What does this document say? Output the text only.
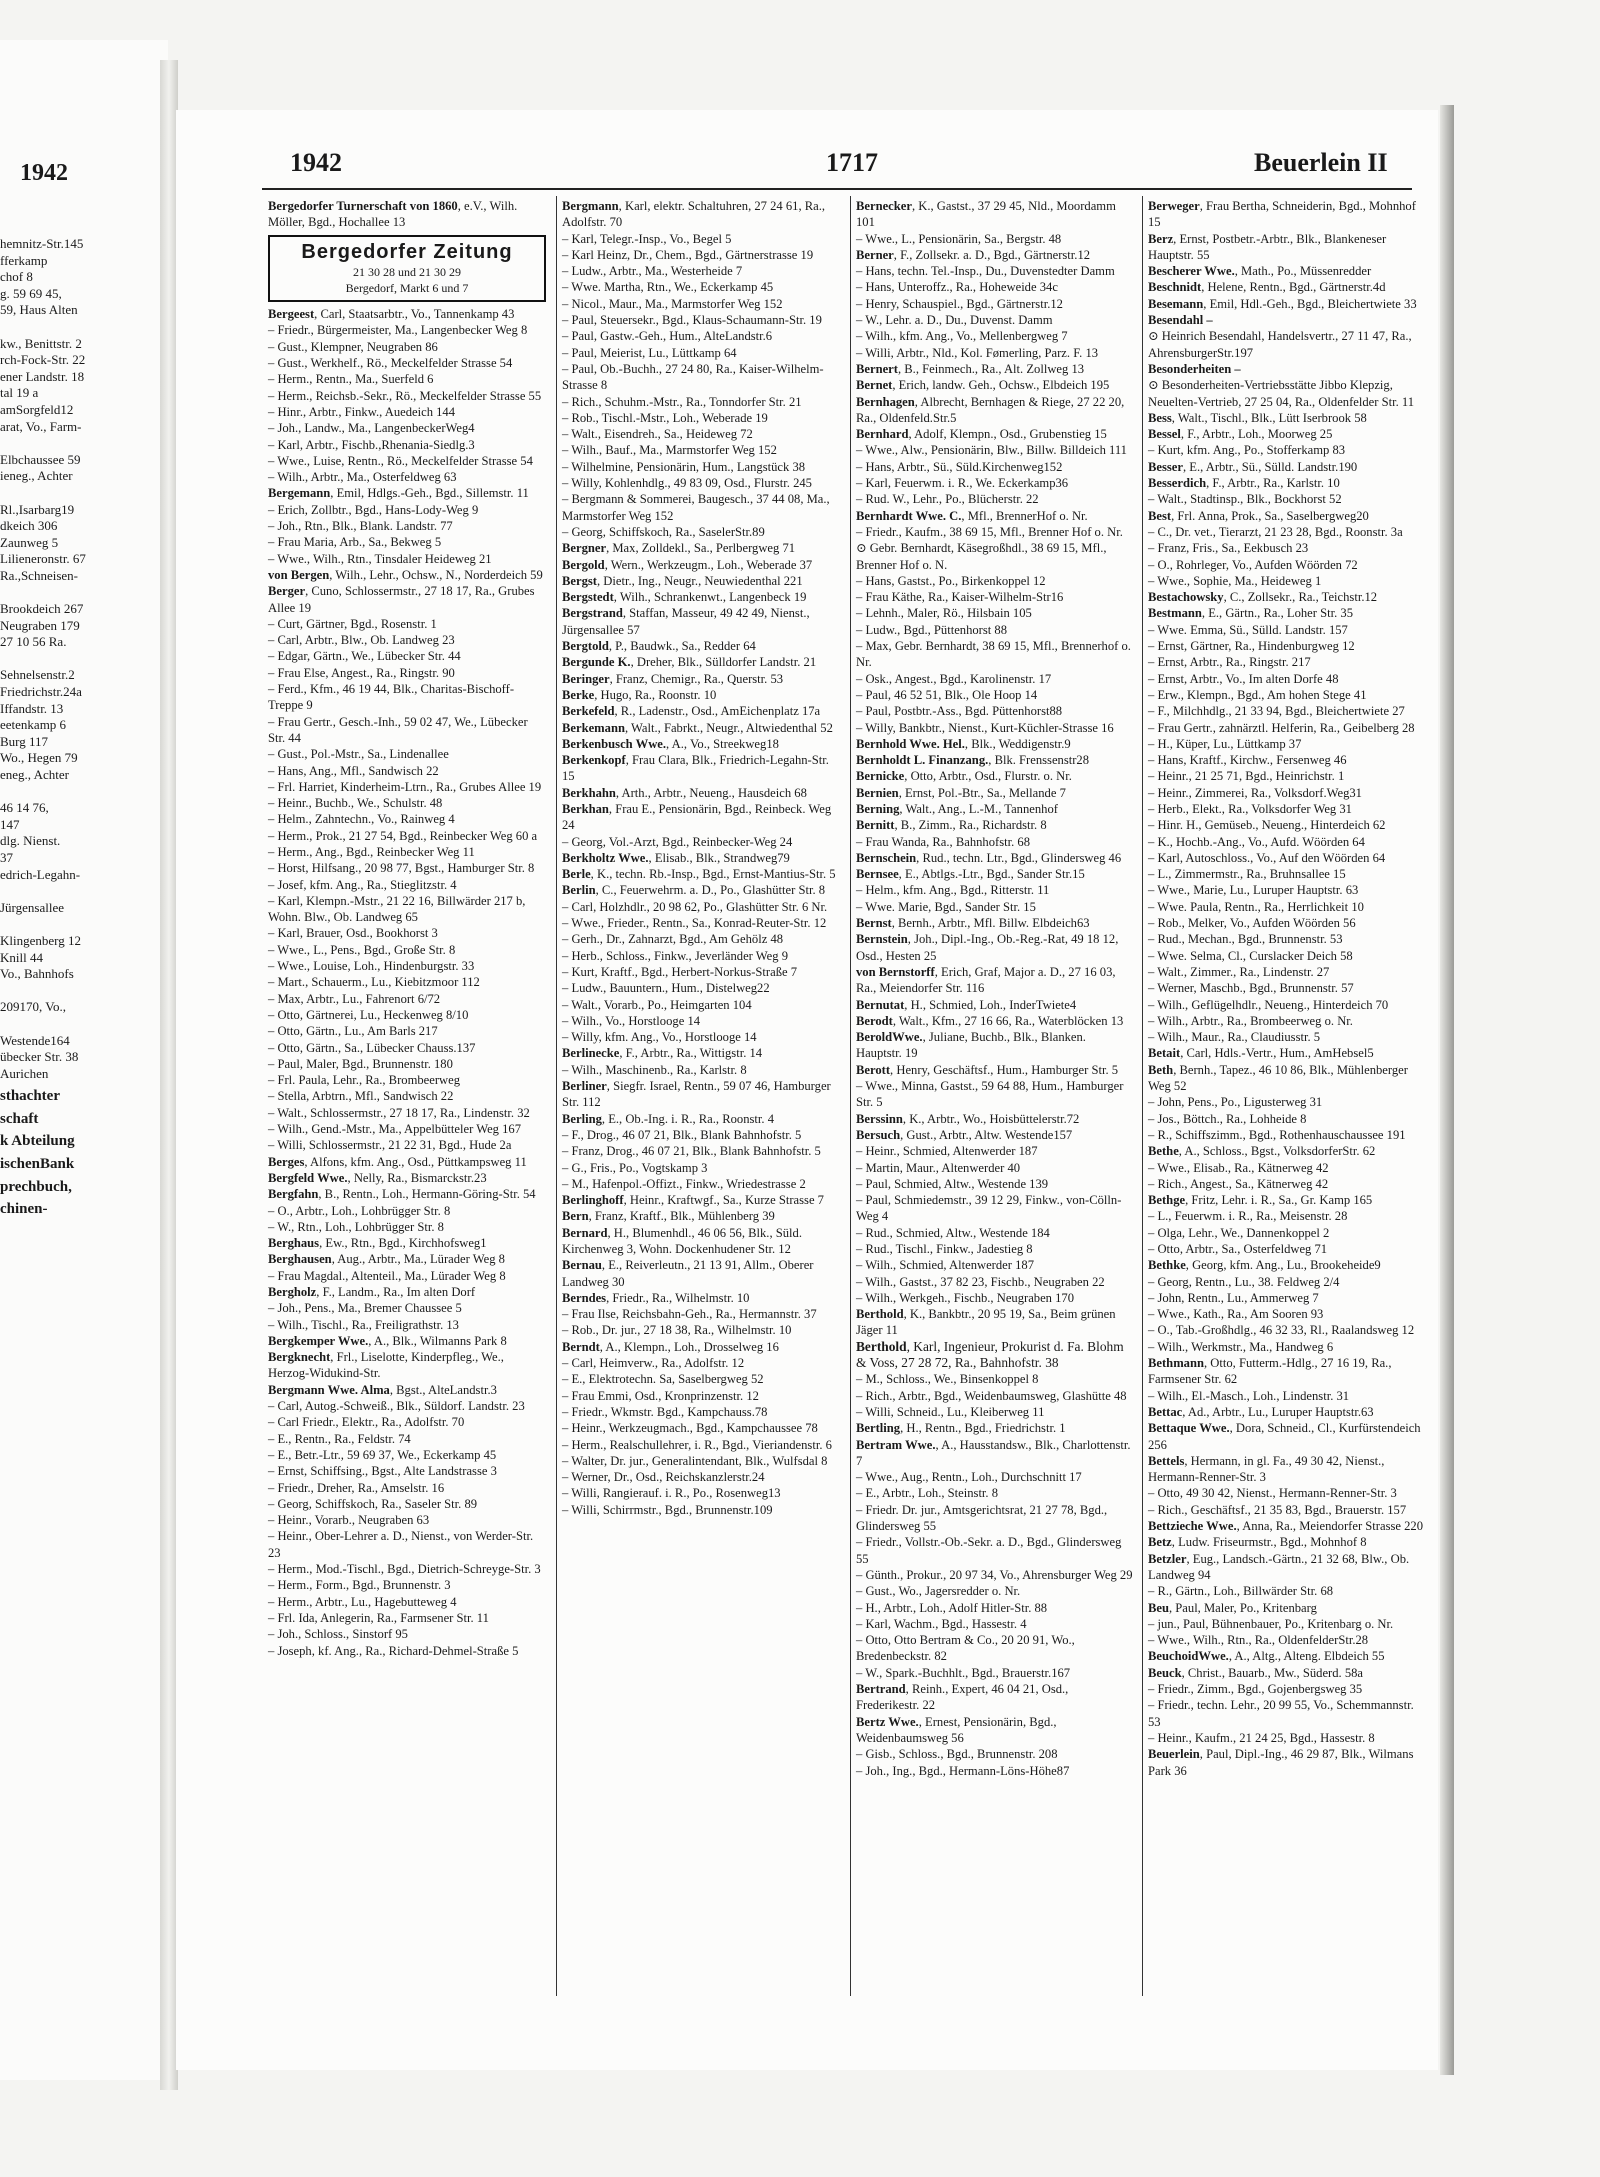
1942
hemnitz-Str.145
fferkamp
chof 8
g. 59 69 45,
59, Haus Alten

kw., Benittstr. 2
rch-Fock-Str. 22
ener Landstr. 18
tal 19 a
amSorgfeld12
arat, Vo., Farm-

Elbchaussee 59
ieneg., Achter

Rl.,Isarbarg19
dkeich 306
Zaunweg 5
Lilieneronstr. 67
Ra.,Schneisen-

Brookdeich 267
Neugraben 179
27 10 56 Ra.

Sehnelsenstr.2
Friedrichstr.24a
Iffandstr. 13
eetenkamp 6
Burg 117
Wo., Hegen 79
eneg., Achter

46 14 76,
147
dlg. Nienst.
37
edrich-Legahn-

Jürgensallee

Klingenberg 12
Knill 44
Vo., Bahnhofs

209170, Vo.,

Westende164
übecker Str. 38
Aurichen
sthachter
schaft
k Abteilung
ischenBank
prechbuch,
chinen-
1942	1717	Beuerlein II
Bergedorfer Turnerschaft von 1860, e.V., Wilh. Möller, Bgd., Hochallee 13
Bergedorfer Zeitung
21 30 28 und 21 30 29
Bergedorf, Markt 6 und 7
Bergeest, Carl, Staatsarbtr., Vo., Tannenkamp 43
– Friedr., Bürgermeister, Ma., Langenbecker Weg 8
– Gust., Klempner, Neugraben 86
– Gust., Werkhelf., Rö., Meckelfelder Strasse 54
– Herm., Rentn., Ma., Suerfeld 6
– Herm., Reichsb.-Sekr., Rö., Meckelfelder Strasse 55
– Hinr., Arbtr., Finkw., Auedeich 144
– Joh., Landw., Ma., LangenbeckerWeg4
– Karl, Arbtr., Fischb.,Rhenania-Siedlg.3
– Wwe., Luise, Rentn., Rö., Meckelfelder Strasse 54
– Wilh., Arbtr., Ma., Osterfeldweg 63
Bergemann, Emil, Hdlgs.-Geh., Bgd., Sillemstr. 11
– Erich, Zollbtr., Bgd., Hans-Lody-Weg 9
– Joh., Rtn., Blk., Blank. Landstr. 77
– Frau Maria, Arb., Sa., Bekweg 5
– Wwe., Wilh., Rtn., Tinsdaler Heideweg 21
von Bergen, Wilh., Lehr., Ochsw., N., Norderdeich 59
Berger, Cuno, Schlossermstr., 27 18 17, Ra., Grubes Allee 19
– Curt, Gärtner, Bgd., Rosenstr. 1
– Carl, Arbtr., Blw., Ob. Landweg 23
– Edgar, Gärtn., We., Lübecker Str. 44
– Frau Else, Angest., Ra., Ringstr. 90
– Ferd., Kfm., 46 19 44, Blk., Charitas-Bischoff-Treppe 9
– Frau Gertr., Gesch.-Inh., 59 02 47, We., Lübecker Str. 44
– Gust., Pol.-Mstr., Sa., Lindenallee
– Hans, Ang., Mfl., Sandwisch 22
– Frl. Harriet, Kinderheim-Ltrn., Ra., Grubes Allee 19
– Heinr., Buchb., We., Schulstr. 48
– Helm., Zahntechn., Vo., Rainweg 4
– Herm., Prok., 21 27 54, Bgd., Reinbecker Weg 60 a
– Herm., Ang., Bgd., Reinbecker Weg 11
– Horst, Hilfsang., 20 98 77, Bgst., Hamburger Str. 8
– Josef, kfm. Ang., Ra., Stieglitzstr. 4
– Karl, Klempn.-Mstr., 21 22 16, Billwärder 217 b, Wohn. Blw., Ob. Landweg 65
– Karl, Brauer, Osd., Bookhorst 3
– Wwe., L., Pens., Bgd., Große Str. 8
– Wwe., Louise, Loh., Hindenburgstr. 33
– Mart., Schauerm., Lu., Kiebitzmoor 112
– Max, Arbtr., Lu., Fahrenort 6/72
– Otto, Gärtnerei, Lu., Heckenweg 8/10
– Otto, Gärtn., Lu., Am Barls 217
– Otto, Gärtn., Sa., Lübecker Chauss.137
– Paul, Maler, Bgd., Brunnenstr. 180
– Frl. Paula, Lehr., Ra., Brombeerweg
– Stella, Arbtrn., Mfl., Sandwisch 22
– Walt., Schlossermstr., 27 18 17, Ra., Lindenstr. 32
– Wilh., Gend.-Mstr., Ma., Appelbütteler Weg 167
– Willi, Schlossermstr., 21 22 31, Bgd., Hude 2a
Berges, Alfons, kfm. Ang., Osd., Püttkampsweg 11
Bergfeld Wwe., Nelly, Ra., Bismarckstr.23
Bergfahn, B., Rentn., Loh., Hermann-Göring-Str. 54
– O., Arbtr., Loh., Lohbrügger Str. 8
– W., Rtn., Loh., Lohbrügger Str. 8
Berghaus, Ew., Rtn., Bgd., Kirchhofsweg1
Berghausen, Aug., Arbtr., Ma., Lürader Weg 8
– Frau Magdal., Altenteil., Ma., Lürader Weg 8
Bergholz, F., Landm., Ra., Im alten Dorf
– Joh., Pens., Ma., Bremer Chaussee 5
– Wilh., Tischl., Ra., Freiligrathstr. 13
Bergkemper Wwe., A., Blk., Wilmanns Park 8
Bergknecht, Frl., Liselotte, Kinderpfleg., We., Herzog-Widukind-Str.
Bergmann Wwe. Alma, Bgst., AlteLandstr.3
– Carl, Autog.-Schweiß., Blk., Süldorf. Landstr. 23
– Carl Friedr., Elektr., Ra., Adolfstr. 70
– E., Rentn., Ra., Feldstr. 74
– E., Betr.-Ltr., 59 69 37, We., Eckerkamp 45
– Ernst, Schiffsing., Bgst., Alte Landstrasse 3
– Friedr., Dreher, Ra., Amselstr. 16
– Georg, Schiffskoch, Ra., Saseler Str. 89
– Heinr., Vorarb., Neugraben 63
– Heinr., Ober-Lehrer a. D., Nienst., von Werder-Str. 23
– Herm., Mod.-Tischl., Bgd., Dietrich-Schreyge-Str. 3
– Herm., Form., Bgd., Brunnenstr. 3
– Herm., Arbtr., Lu., Hagebutteweg 4
– Frl. Ida, Anlegerin, Ra., Farmsener Str. 11
– Joh., Schloss., Sinstorf 95
– Joseph, kf. Ang., Ra., Richard-Dehmel-Straße 5
Bergmann, Karl, elektr. Schaltuhren, 27 24 61, Ra., Adolfstr. 70
– Karl, Telegr.-Insp., Vo., Begel 5
– Karl Heinz, Dr., Chem., Bgd., Gärtnerstrasse 19
– Ludw., Arbtr., Ma., Westerheide 7
– Wwe. Martha, Rtn., We., Eckerkamp 45
– Nicol., Maur., Ma., Marmstorfer Weg 152
– Paul, Steuersekr., Bgd., Klaus-Schaumann-Str. 19
– Paul, Gastw.-Geh., Hum., AlteLandstr.6
– Paul, Meierist, Lu., Lüttkamp 64
– Paul, Ob.-Buchh., 27 24 80, Ra., Kaiser-Wilhelm-Strasse 8
– Rich., Schuhm.-Mstr., Ra., Tonndorfer Str. 21
– Rob., Tischl.-Mstr., Loh., Weberade 19
– Walt., Eisendreh., Sa., Heideweg 72
– Wilh., Bauf., Ma., Marmstorfer Weg 152
– Wilhelmine, Pensionärin, Hum., Langstück 38
– Willy, Kohlenhdlg., 49 83 09, Osd., Flurstr. 245
– Bergmann & Sommerei, Baugesch., 37 44 08, Ma., Marmstorfer Weg 152
– Georg, Schiffskoch, Ra., SaselerStr.89
Bergner, Max, Zolldekl., Sa., Perlbergweg 71
Bergold, Wern., Werkzeugm., Loh., Weberade 37
Bergst, Dietr., Ing., Neugr., Neuwiedenthal 221
Bergstedt, Wilh., Schrankenwt., Langenbeck 19
Bergstrand, Staffan, Masseur, 49 42 49, Nienst., Jürgensallee 57
Bergtold, P., Baudwk., Sa., Redder 64
Bergunde K., Dreher, Blk., Sülldorfer Landstr. 21
Beringer, Franz, Chemigr., Ra., Querstr. 53
Berke, Hugo, Ra., Roonstr. 10
Berkefeld, R., Ladenstr., Osd., AmEichenplatz 17a
Berkemann, Walt., Fabrkt., Neugr., Altwiedenthal 52
Berkenbusch Wwe., A., Vo., Streekweg18
Berkenkopf, Frau Clara, Blk., Friedrich-Legahn-Str. 15
Berkhahn, Arth., Arbtr., Neueng., Hausdeich 68
Berkhan, Frau E., Pensionärin, Bgd., Reinbeck. Weg 24
– Georg, Vol.-Arzt, Bgd., Reinbecker-Weg 24
Berkholtz Wwe., Elisab., Blk., Strandweg79
Berle, K., techn. Rb.-Insp., Bgd., Ernst-Mantius-Str. 5
Berlin, C., Feuerwehrm. a. D., Po., Glashütter Str. 8
– Carl, Holzhdlr., 20 98 62, Po., Glashütter Str. 6 Nr.
– Wwe., Frieder., Rentn., Sa., Konrad-Reuter-Str. 12
– Gerh., Dr., Zahnarzt, Bgd., Am Gehölz 48
– Herb., Schloss., Finkw., Jeverländer Weg 9
– Kurt, Kraftf., Bgd., Herbert-Norkus-Straße 7
– Ludw., Bauuntern., Hum., Distelweg22
– Walt., Vorarb., Po., Heimgarten 104
– Wilh., Vo., Horstlooge 14
– Willy, kfm. Ang., Vo., Horstlooge 14
Berlinecke, F., Arbtr., Ra., Wittigstr. 14
– Wilh., Maschinenb., Ra., Karlstr. 8
Berliner, Siegfr. Israel, Rentn., 59 07 46, Hamburger Str. 112
Berling, E., Ob.-Ing. i. R., Ra., Roonstr. 4
– F., Drog., 46 07 21, Blk., Blank Bahnhofstr. 5
– Franz, Drog., 46 07 21, Blk., Blank Bahnhofstr. 5
– G., Fris., Po., Vogtskamp 3
– M., Hafenpol.-Offizt., Finkw., Wriedestrasse 2
Berlinghoff, Heinr., Kraftwgf., Sa., Kurze Strasse 7
Bern, Franz, Kraftf., Blk., Mühlenberg 39
Bernard, H., Blumenhdl., 46 06 56, Blk., Süld. Kirchenweg 3, Wohn. Dockenhudener Str. 12
Bernau, E., Reiverleutn., 21 13 91, Allm., Oberer Landweg 30
Berndes, Friedr., Ra., Wilhelmstr. 10
– Frau Ilse, Reichsbahn-Geh., Ra., Hermannstr. 37
– Rob., Dr. jur., 27 18 38, Ra., Wilhelmstr. 10
Berndt, A., Klempn., Loh., Drosselweg 16
– Carl, Heimverw., Ra., Adolfstr. 12
– E., Elektrotechn. Sa, Saselbergweg 52
– Frau Emmi, Osd., Kronprinzenstr. 12
– Friedr., Wkmstr. Bgd., Kampchauss.78
– Heinr., Werkzeugmach., Bgd., Kampchaussee 78
– Herm., Realschullehrer, i. R., Bgd., Vieriandenstr. 6
– Walter, Dr. jur., Generalintendant, Blk., Wulfsdal 8
– Werner, Dr., Osd., Reichskanzlerstr.24
– Willi, Rangierauf. i. R., Po., Rosenweg13
– Willi, Schirrmstr., Bgd., Brunnenstr.109
Bernecker, K., Gastst., 37 29 45, Nld., Moordamm 101
– Wwe., L., Pensionärin, Sa., Bergstr. 48
Berner, F., Zollsekr. a. D., Bgd., Gärtnerstr.12
– Hans, techn. Tel.-Insp., Du., Duvenstedter Damm
– Hans, Unteroffz., Ra., Hoheweide 34c
– Henry, Schauspiel., Bgd., Gärtnerstr.12
– W., Lehr. a. D., Du., Duvenst. Damm
– Wilh., kfm. Ang., Vo., Mellenbergweg 7
– Willi, Arbtr., Nld., Kol. Fømerling, Parz. F. 13
Bernert, B., Feinmech., Ra., Alt. Zollweg 13
Bernet, Erich, landw. Geh., Ochsw., Elbdeich 195
Bernhagen, Albrecht, Bernhagen & Riege, 27 22 20, Ra., Oldenfeld.Str.5
Bernhard, Adolf, Klempn., Osd., Grubenstieg 15
– Wwe., Alw., Pensionärin, Blw., Billw. Billdeich 111
– Hans, Arbtr., Sü., Süld.Kirchenweg152
– Karl, Feuerwm. i. R., We. Eckerkamp36
– Rud. W., Lehr., Po., Blücherstr. 22
Bernhardt Wwe. C., Mfl., BrennerHof o. Nr.
– Friedr., Kaufm., 38 69 15, Mfl., Brenner Hof o. Nr.
⊙ Gebr. Bernhardt, Käsegroßhdl., 38 69 15, Mfl., Brenner Hof o. N.
– Hans, Gastst., Po., Birkenkoppel 12
– Frau Käthe, Ra., Kaiser-Wilhelm-Str16
– Lehnh., Maler, Rö., Hilsbain 105
– Ludw., Bgd., Püttenhorst 88
– Max, Gebr. Bernhardt, 38 69 15, Mfl., Brennerhof o. Nr.
– Osk., Angest., Bgd., Karolinenstr. 17
– Paul, 46 52 51, Blk., Ole Hoop 14
– Paul, Postbtr.-Ass., Bgd. Püttenhorst88
– Willy, Bankbtr., Nienst., Kurt-Küchler-Strasse 16
Bernhold Wwe. Hel., Blk., Weddigenstr.9
Bernholdt L. Finanzang., Blk. Frenssenstr28
Bernicke, Otto, Arbtr., Osd., Flurstr. o. Nr.
Bernien, Ernst, Pol.-Btr., Sa., Mellande 7
Berning, Walt., Ang., L.-M., Tannenhof
Bernitt, B., Zimm., Ra., Richardstr. 8
– Frau Wanda, Ra., Bahnhofstr. 68
Bernschein, Rud., techn. Ltr., Bgd., Glindersweg 46
Bernsee, E., Abtlgs.-Ltr., Bgd., Sander Str.15
– Helm., kfm. Ang., Bgd., Ritterstr. 11
– Wwe. Marie, Bgd., Sander Str. 15
Bernst, Bernh., Arbtr., Mfl. Billw. Elbdeich63
Bernstein, Joh., Dipl.-Ing., Ob.-Reg.-Rat, 49 18 12, Osd., Hesten 25
von Bernstorff, Erich, Graf, Major a. D., 27 16 03, Ra., Meiendorfer Str. 116
Bernutat, H., Schmied, Loh., InderTwiete4
Berodt, Walt., Kfm., 27 16 66, Ra., Waterblöcken 13
BeroldWwe., Juliane, Buchb., Blk., Blanken. Hauptstr. 19
Berott, Henry, Geschäftsf., Hum., Hamburger Str. 5
– Wwe., Minna, Gastst., 59 64 88, Hum., Hamburger Str. 5
Berssinn, K., Arbtr., Wo., Hoisbüttelerstr.72
Bersuch, Gust., Arbtr., Altw. Westende157
– Heinr., Schmied, Altenwerder 187
– Martin, Maur., Altenwerder 40
– Paul, Schmied, Altw., Westende 139
– Paul, Schmiedemstr., 39 12 29, Finkw., von-Cölln-Weg 4
– Rud., Schmied, Altw., Westende 184
– Rud., Tischl., Finkw., Jadestieg 8
– Wilh., Schmied, Altenwerder 187
– Wilh., Gastst., 37 82 23, Fischb., Neugraben 22
– Wilh., Werkgeh., Fischb., Neugraben 170
Berthold, K., Bankbtr., 20 95 19, Sa., Beim grünen Jäger 11
Berthold, Karl, Ingenieur, Prokurist d. Fa. Blohm & Voss, 27 28 72, Ra., Bahnhofstr. 38
– M., Schloss., We., Binsenkoppel 8
– Rich., Arbtr., Bgd., Weidenbaumsweg, Glashütte 48
– Willi, Schneid., Lu., Kleiberweg 11
Bertling, H., Rentn., Bgd., Friedrichstr. 1
Bertram Wwe., A., Hausstandsw., Blk., Charlottenstr. 7
– Wwe., Aug., Rentn., Loh., Durchschnitt 17
– E., Arbtr., Loh., Steinstr. 8
– Friedr. Dr. jur., Amtsgerichtsrat, 21 27 78, Bgd., Glindersweg 55
– Friedr., Vollstr.-Ob.-Sekr. a. D., Bgd., Glindersweg 55
– Günth., Prokur., 20 97 34, Vo., Ahrensburger Weg 29
– Gust., Wo., Jagersredder o. Nr.
– H., Arbtr., Loh., Adolf Hitler-Str. 88
– Karl, Wachm., Bgd., Hassestr. 4
– Otto, Otto Bertram & Co., 20 20 91, Wo., Bredenbeckstr. 82
– W., Spark.-Buchhlt., Bgd., Brauerstr.167
Bertrand, Reinh., Expert, 46 04 21, Osd., Frederikestr. 22
Bertz Wwe., Ernest, Pensionärin, Bgd., Weidenbaumsweg 56
– Gisb., Schloss., Bgd., Brunnenstr. 208
– Joh., Ing., Bgd., Hermann-Löns-Höhe87
Berweger, Frau Bertha, Schneiderin, Bgd., Mohnhof 15
Berz, Ernst, Postbetr.-Arbtr., Blk., Blankeneser Hauptstr. 55
Bescherer Wwe., Math., Po., Müssenredder
Beschnidt, Helene, Rentn., Bgd., Gärtnerstr.4d
Besemann, Emil, Hdl.-Geh., Bgd., Bleichertwiete 33
Besendahl –
⊙ Heinrich Besendahl, Handelsvertr., 27 11 47, Ra., AhrensburgerStr.197
Besonderheiten –
⊙ Besonderheiten-Vertriebsstätte Jibbo Klepzig, Neuelten-Vertrieb, 27 25 04, Ra., Oldenfelder Str. 11
Bess, Walt., Tischl., Blk., Lütt Iserbrook 58
Bessel, F., Arbtr., Loh., Moorweg 25
– Kurt, kfm. Ang., Po., Stofferkamp 83
Besser, E., Arbtr., Sü., Sülld. Landstr.190
Besserdich, F., Arbtr., Ra., Karlstr. 10
– Walt., Stadtinsp., Blk., Bockhorst 52
Best, Frl. Anna, Prok., Sa., Saselbergweg20
– C., Dr. vet., Tierarzt, 21 23 28, Bgd., Roonstr. 3a
– Franz, Fris., Sa., Eekbusch 23
– O., Rohrleger, Vo., Aufden Wöörden 72
– Wwe., Sophie, Ma., Heideweg 1
Bestachowsky, C., Zollsekr., Ra., Teichstr.12
Bestmann, E., Gärtn., Ra., Loher Str. 35
– Wwe. Emma, Sü., Sülld. Landstr. 157
– Ernst, Gärtner, Ra., Hindenburgweg 12
– Ernst, Arbtr., Ra., Ringstr. 217
– Ernst, Arbtr., Vo., Im alten Dorfe 48
– Erw., Klempn., Bgd., Am hohen Stege 41
– F., Milchhdlg., 21 33 94, Bgd., Bleichertwiete 27
– Frau Gertr., zahnärztl. Helferin, Ra., Geibelberg 28
– H., Küper, Lu., Lüttkamp 37
– Hans, Kraftf., Kirchw., Fersenweg 46
– Heinr., 21 25 71, Bgd., Heinrichstr. 1
– Heinr., Zimmerei, Ra., Volksdorf.Weg31
– Herb., Elekt., Ra., Volksdorfer Weg 31
– Hinr. H., Gemüseb., Neueng., Hinterdeich 62
– K., Hochb.-Ang., Vo., Aufd. Wöörden 64
– Karl, Autoschloss., Vo., Auf den Wöörden 64
– L., Zimmermstr., Ra., Bruhnsallee 15
– Wwe., Marie, Lu., Luruper Hauptstr. 63
– Wwe. Paula, Rentn., Ra., Herrlichkeit 10
– Rob., Melker, Vo., Aufden Wöörden 56
– Rud., Mechan., Bgd., Brunnenstr. 53
– Wwe. Selma, Cl., Curslacker Deich 58
– Walt., Zimmer., Ra., Lindenstr. 27
– Werner, Maschb., Bgd., Brunnenstr. 57
– Wilh., Geflügelhdlr., Neueng., Hinterdeich 70
– Wilh., Arbtr., Ra., Brombeerweg o. Nr.
– Wilh., Maur., Ra., Claudiusstr. 5
Betait, Carl, Hdls.-Vertr., Hum., AmHebsel5
Beth, Bernh., Tapez., 46 10 86, Blk., Mühlenberger Weg 52
– John, Pens., Po., Ligusterweg 31
– Jos., Böttch., Ra., Lohheide 8
– R., Schiffszimm., Bgd., Rothenhauschaussee 191
Bethe, A., Schloss., Bgst., VolksdorferStr. 62
– Wwe., Elisab., Ra., Kätnerweg 42
– Rich., Angest., Sa., Kätnerweg 42
Bethge, Fritz, Lehr. i. R., Sa., Gr. Kamp 165
– L., Feuerwm. i. R., Ra., Meisenstr. 28
– Olga, Lehr., We., Dannenkoppel 2
– Otto, Arbtr., Sa., Osterfeldweg 71
Bethke, Georg, kfm. Ang., Lu., Brookeheide9
– Georg, Rentn., Lu., 38. Feldweg 2/4
– John, Rentn., Lu., Ammerweg 7
– Wwe., Kath., Ra., Am Sooren 93
– O., Tab.-Großhdlg., 46 32 33, Rl., Raalandsweg 12
– Wilh., Werkmstr., Ma., Handweg 6
Bethmann, Otto, Futterm.-Hdlg., 27 16 19, Ra., Farmsener Str. 62
– Wilh., El.-Masch., Loh., Lindenstr. 31
Bettac, Ad., Arbtr., Lu., Luruper Hauptstr.63
Bettaque Wwe., Dora, Schneid., Cl., Kurfürstendeich 256
Bettels, Hermann, in gl. Fa., 49 30 42, Nienst., Hermann-Renner-Str. 3
– Otto, 49 30 42, Nienst., Hermann-Renner-Str. 3
– Rich., Geschäftsf., 21 35 83, Bgd., Brauerstr. 157
Bettzieche Wwe., Anna, Ra., Meiendorfer Strasse 220
Betz, Ludw. Friseurmstr., Bgd., Mohnhof 8
Betzler, Eug., Landsch.-Gärtn., 21 32 68, Blw., Ob. Landweg 94
– R., Gärtn., Loh., Billwärder Str. 68
Beu, Paul, Maler, Po., Kritenbarg
– jun., Paul, Bühnenbauer, Po., Kritenbarg o. Nr.
– Wwe., Wilh., Rtn., Ra., OldenfelderStr.28
BeuchoidWwe., A., Altg., Alteng. Elbdeich 55
Beuck, Christ., Bauarb., Mw., Süderd. 58a
– Friedr., Zimm., Bgd., Gojenbergsweg 35
– Friedr., techn. Lehr., 20 99 55, Vo., Schemmannstr. 53
– Heinr., Kaufm., 21 24 25, Bgd., Hassestr. 8
Beuerlein, Paul, Dipl.-Ing., 46 29 87, Blk., Wilmans Park 36
